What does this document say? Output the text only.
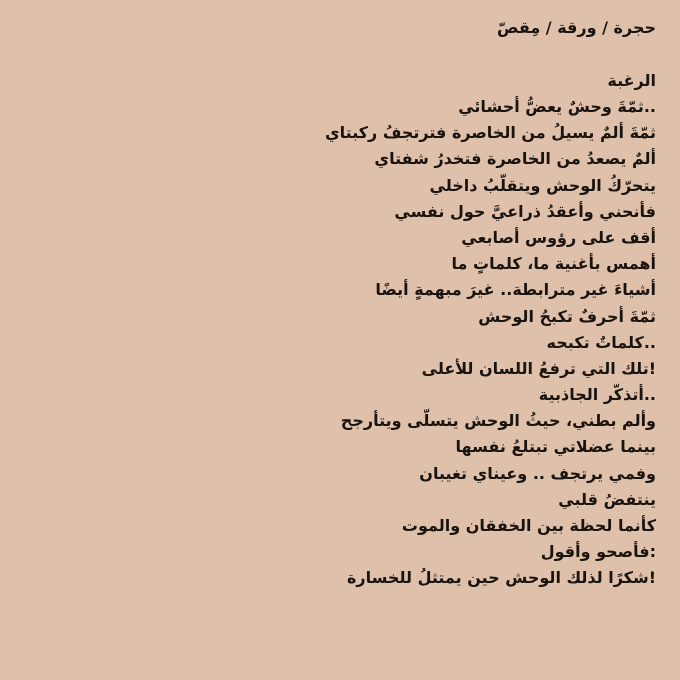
حجرة / ورقة / مِقصّ
الرغبة
..ثمّةَ وحشٌ يعضُّ أحشائي
ثمّةَ ألمٌ يسيلُ من الخاصرة فترتجفُ ركبتاي
ألمٌ يصعدُ من الخاصرة فتخدرُ شفتاي
يتحرّكُ الوحش ويتقلّبُ داخلي
فأنحني وأعقدُ ذراعيَّ حول نفسي
أقف على رؤوس أصابعي
أهمس بأغنية ما، كلماتٍ ما
أشياءَ غير مترابطة.. غيرَ مبهمةٍ أيضًا
ثمّةَ أحرفٌ تكبحُ الوحش
..كلماتٌ تكبحه
!تلك التي ترفعُ اللسان للأعلى
..أتذكّر الجاذبية
وألم بطني، حيثُ الوحش يتسلّى ويتأرجح
بينما عضلاتي تبتلعُ نفسها
وفمي يرتجف .. وعيناي تغيبان
ينتفضُ قلبي
كأنما لحظة بين الخفقان والموت
:فأصحو وأقول
!شكرًا لذلك الوحش حين يمتثلُ للخسارة
